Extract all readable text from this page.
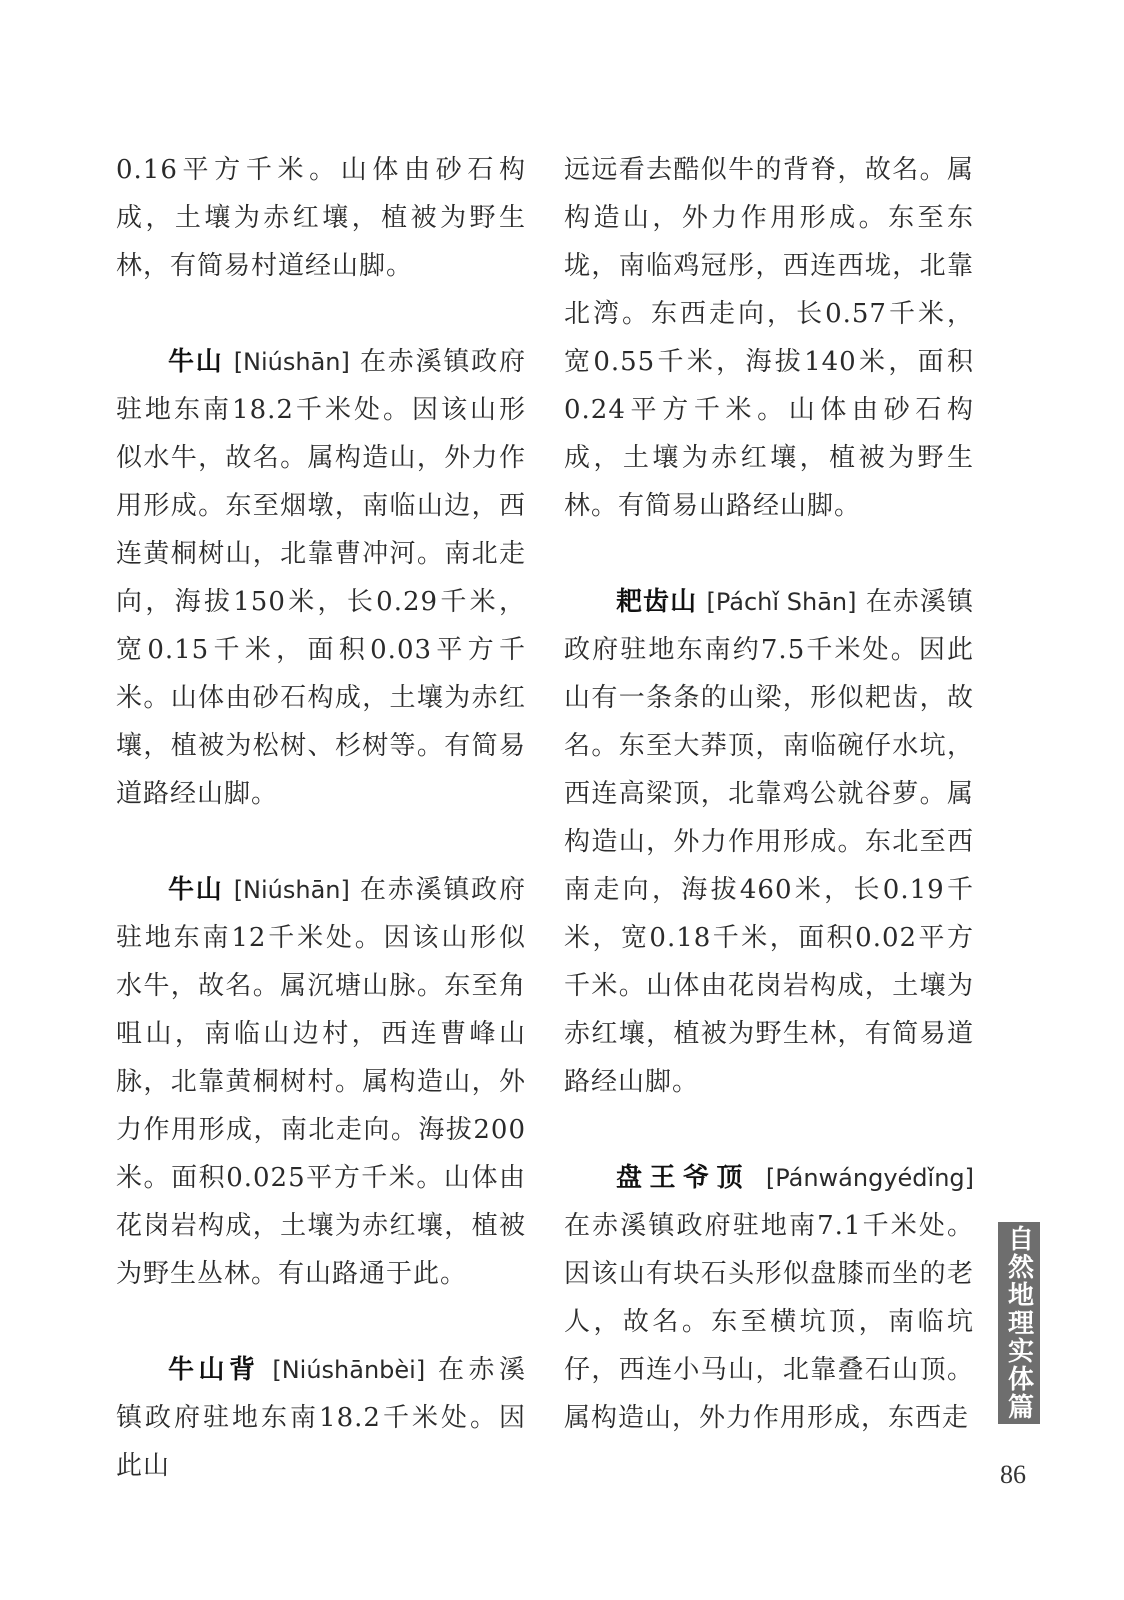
0.16平方千米。山体由砂石构成，土壤为赤红壤，植被为野生林，有简易村道经山脚。

牛山 [Niúshān] 在赤溪镇政府驻地东南18.2千米处。因该山形似水牛，故名。属构造山，外力作用形成。东至烟墩，南临山边，西连黄桐树山，北靠曹冲河。南北走向，海拔150米，长0.29千米，宽0.15千米，面积0.03平方千米。山体由砂石构成，土壤为赤红壤，植被为松树、杉树等。有简易道路经山脚。

牛山 [Niúshān] 在赤溪镇政府驻地东南12千米处。因该山形似水牛，故名。属沉塘山脉。东至角咀山，南临山边村，西连曹峰山脉，北靠黄桐树村。属构造山，外力作用形成，南北走向。海拔200米。面积0.025平方千米。山体由花岗岩构成，土壤为赤红壤，植被为野生丛林。有山路通于此。

牛山背 [Niúshānbèi] 在赤溪镇政府驻地东南18.2千米处。因此山

远远看去酷似牛的背脊，故名。属构造山，外力作用形成。东至东垅，南临鸡冠彤，西连西垅，北靠北湾。东西走向，长0.57千米，宽0.55千米，海拔140米，面积0.24平方千米。山体由砂石构成，土壤为赤红壤，植被为野生林。有简易山路经山脚。

耙齿山 [Páchǐ Shān] 在赤溪镇政府驻地东南约7.5千米处。因此山有一条条的山梁，形似耙齿，故名。东至大莽顶，南临碗仔水坑，西连高梁顶，北靠鸡公就谷萝。属构造山，外力作用形成。东北至西南走向，海拔460米，长0.19千米，宽0.18千米，面积0.02平方千米。山体由花岗岩构成，土壤为赤红壤，植被为野生林，有简易道路经山脚。

盘王爷顶 [Pánwángyédǐng] 在赤溪镇政府驻地南7.1千米处。因该山有块石头形似盘膝而坐的老人，故名。东至横坑顶，南临坑仔，西连小马山，北靠叠石山顶。属构造山，外力作用形成，东西走 自然地理实体篇
86
